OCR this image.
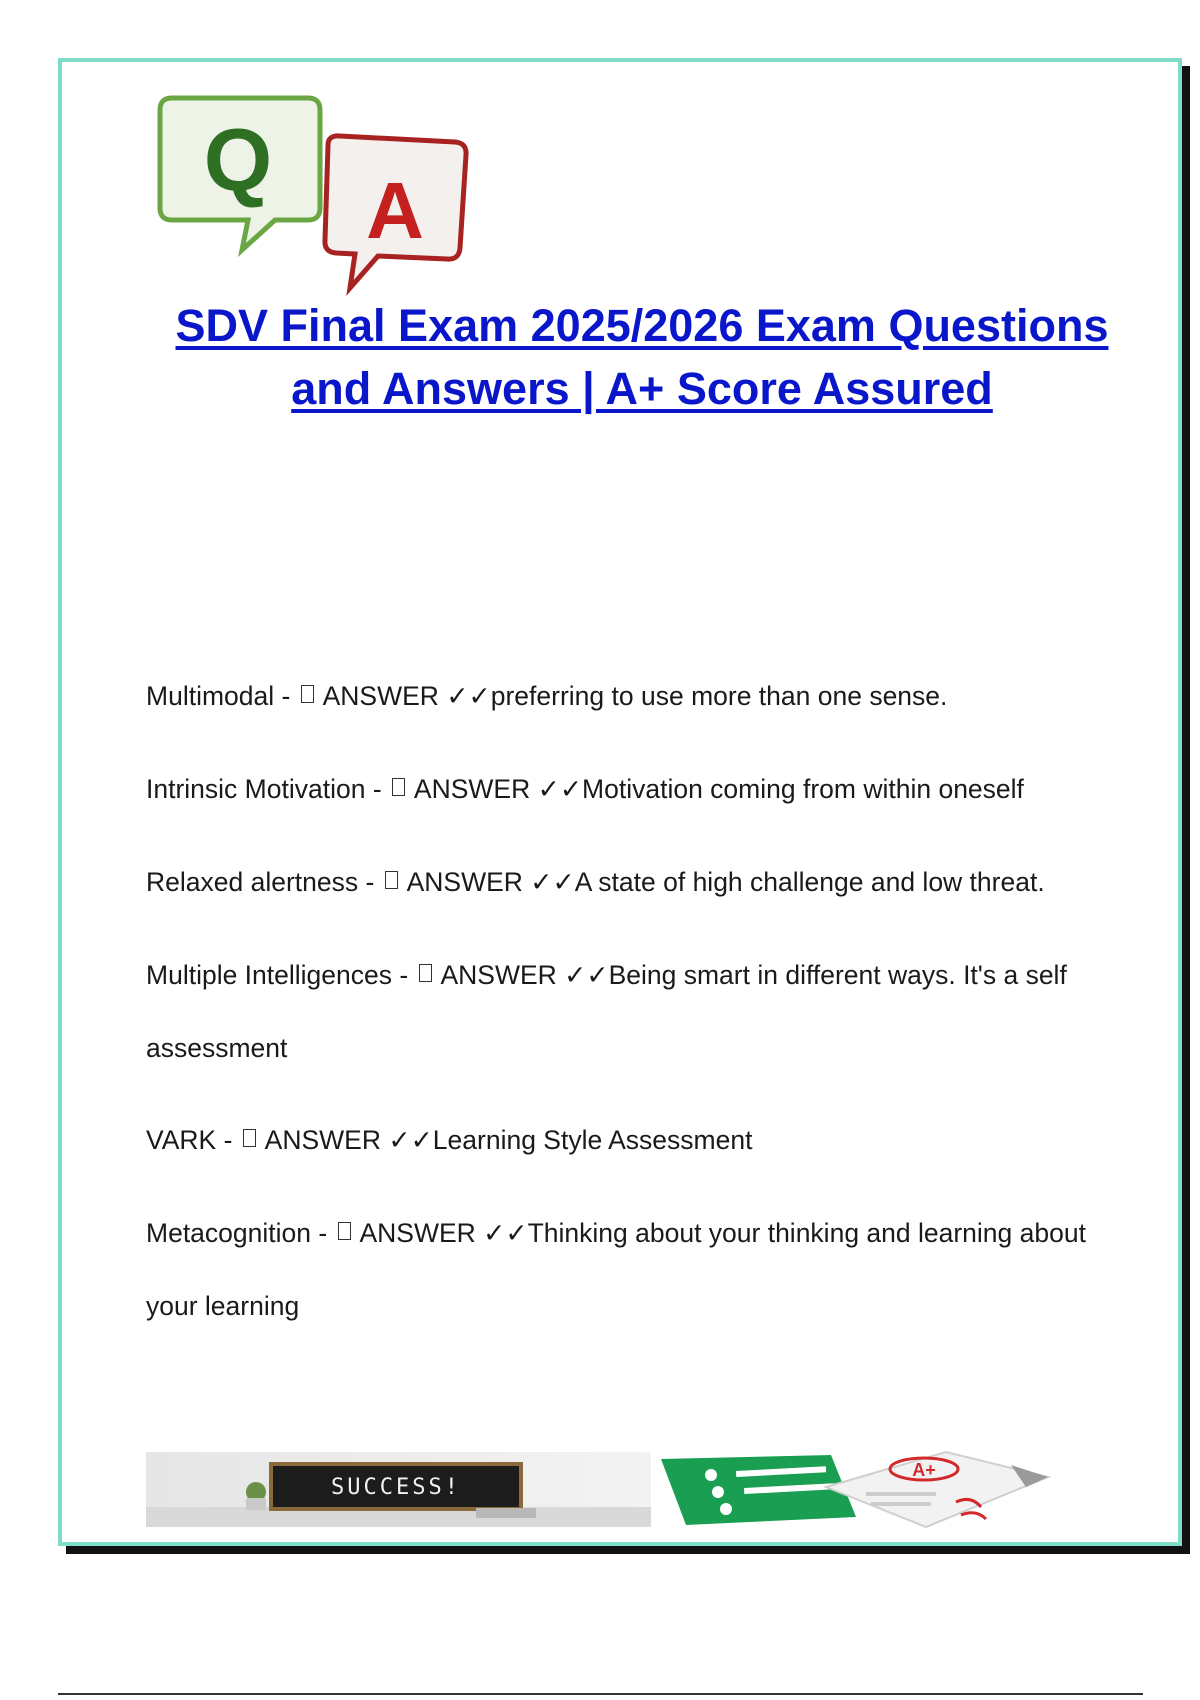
Q
A
SDV Final Exam 2025/2026 Exam Questions and Answers | A+ Score Assured
Multimodal -  ANSWER ✓✓preferring to use more than one sense.
Intrinsic Motivation -  ANSWER ✓✓Motivation coming from within oneself
Relaxed alertness -  ANSWER ✓✓A state of high challenge and low threat.
Multiple Intelligences -  ANSWER ✓✓Being smart in different ways. It's a self assessment
VARK -  ANSWER ✓✓Learning Style Assessment
Metacognition -  ANSWER ✓✓Thinking about your thinking and learning about your learning
SUCCESS!
A+
